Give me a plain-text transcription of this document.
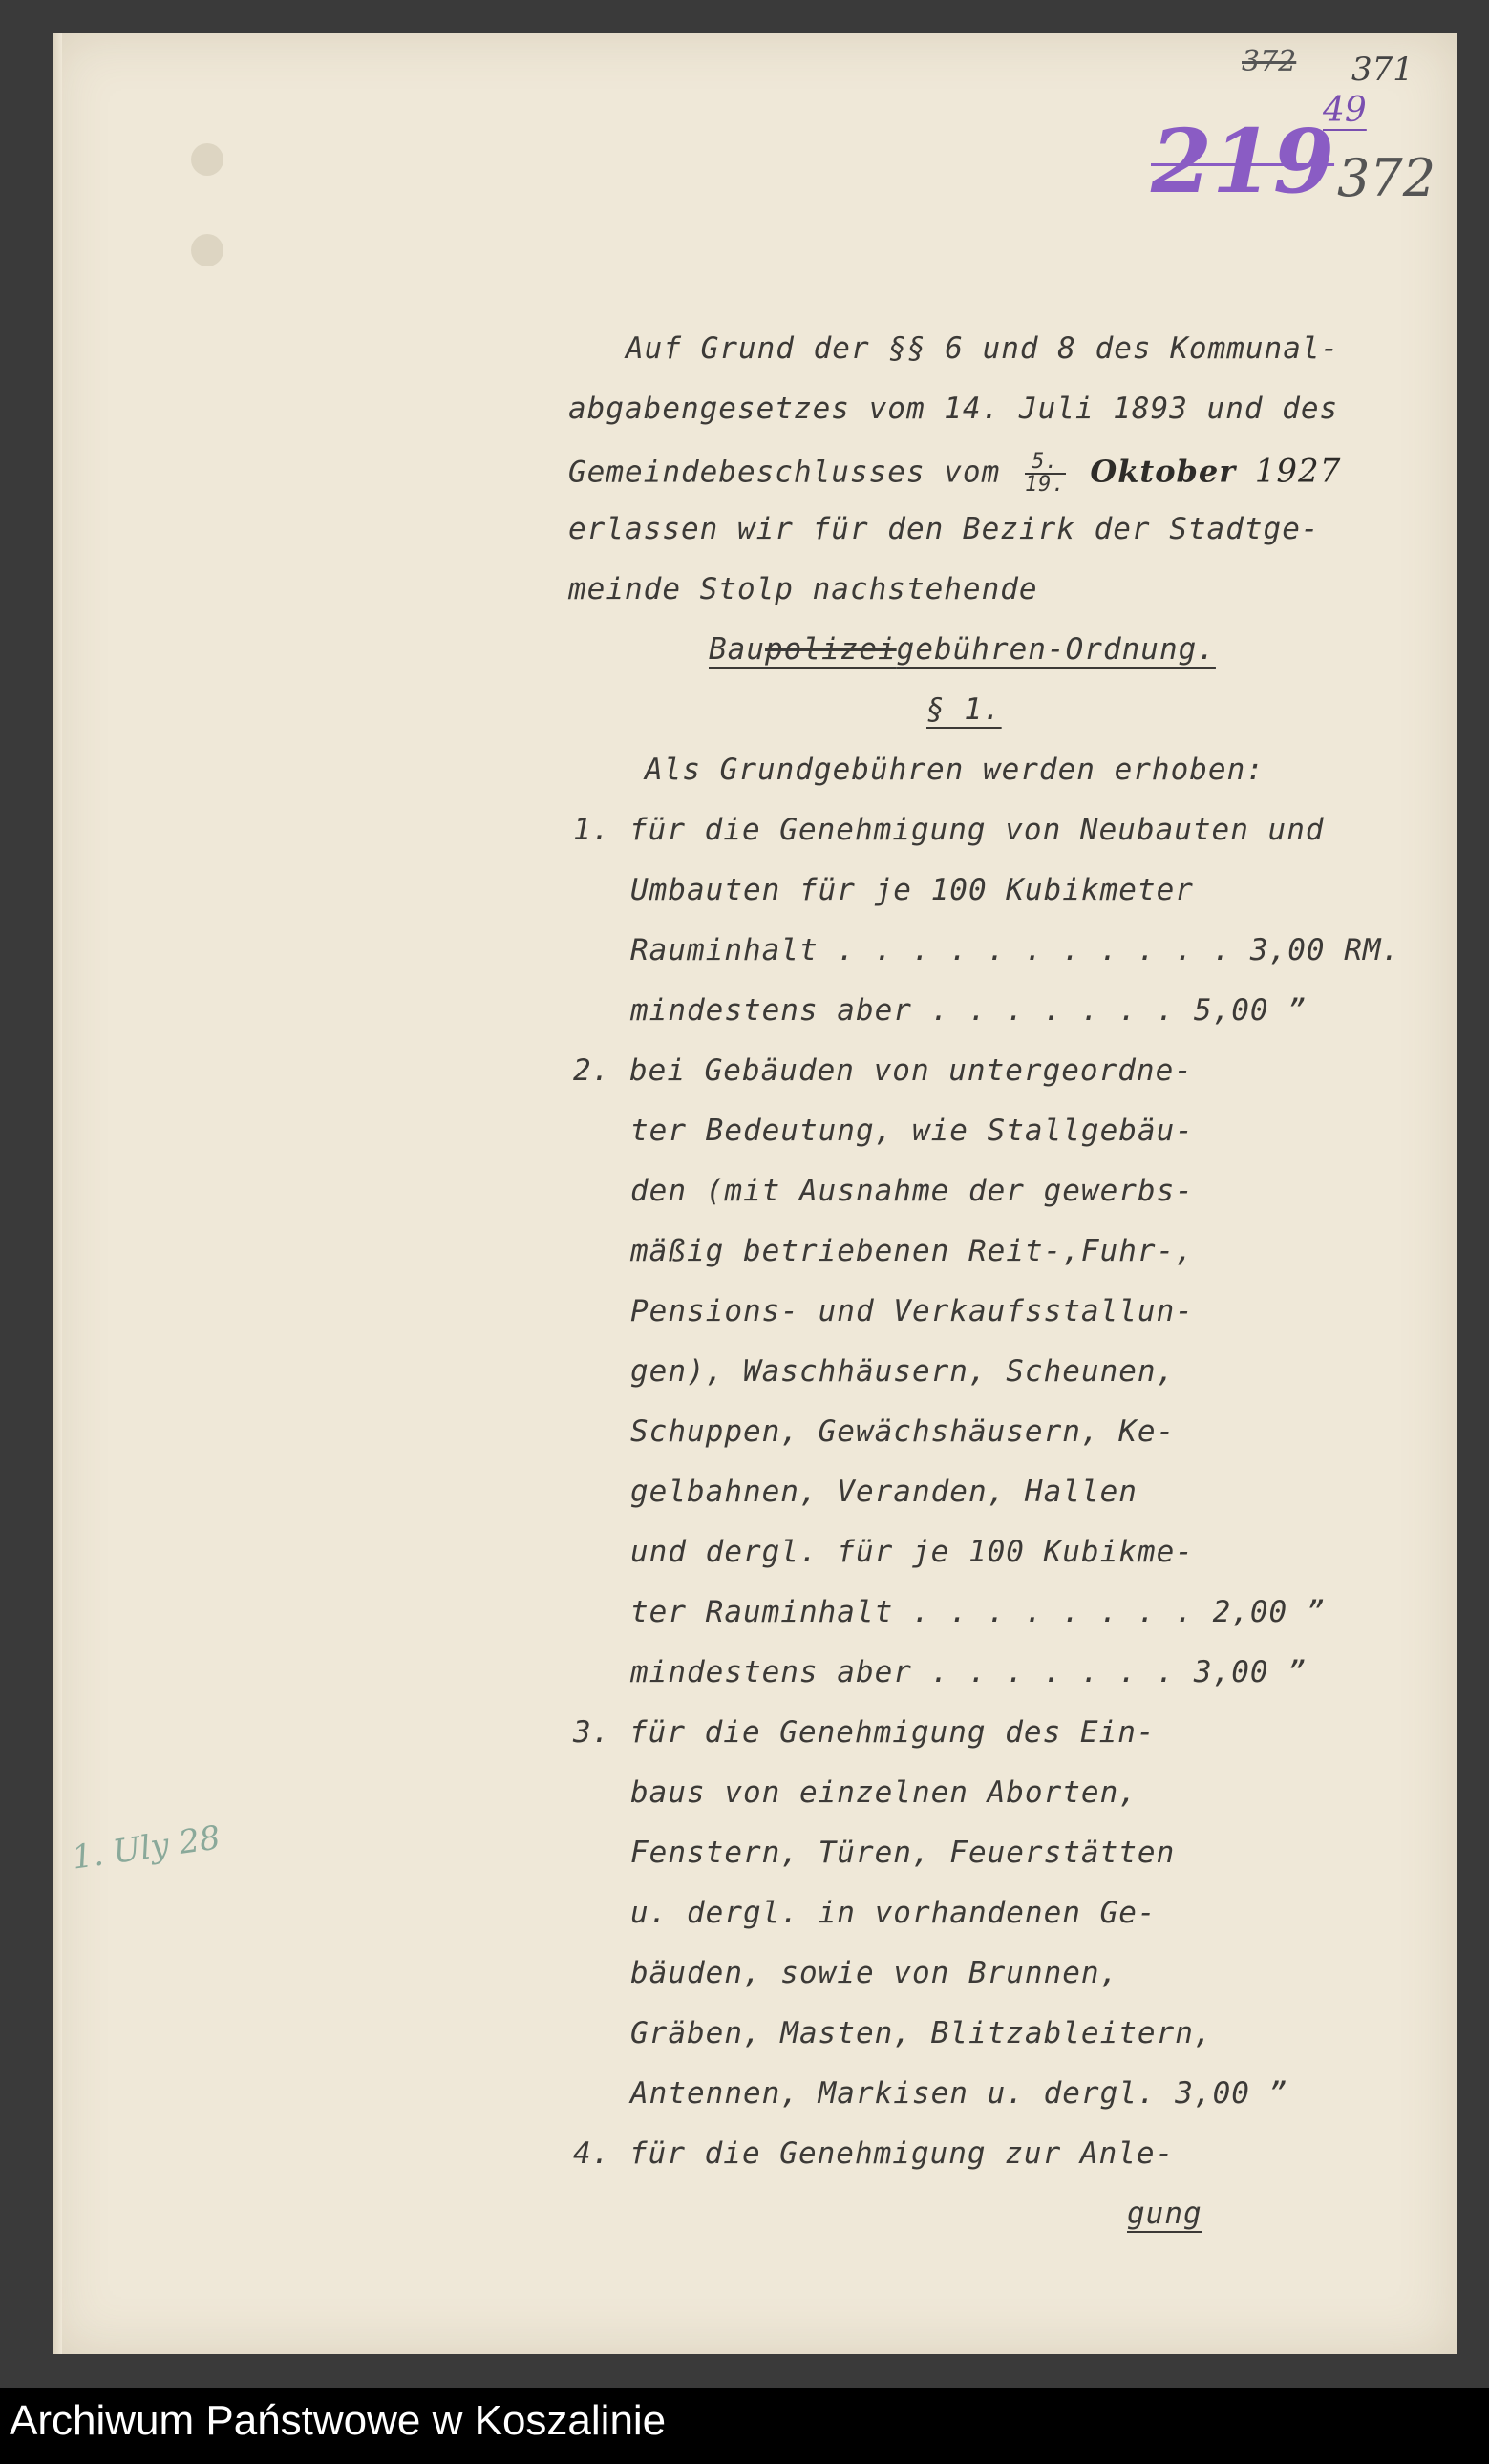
372 371
49
219 372
1. Uly 28
Auf Grund der §§ 6 und 8 des Kommunal-
abgabengesetzes vom 14. Juli 1893 und des
Gemeindebeschlusses vom $\frac{5.}{19.}$ Oktober 1927
erlassen wir für den Bezirk der Stadtge-
meinde Stolp nachstehende
Baupolizeigebühren-Ordnung.
§ 1.
Als Grundgebühren werden erhoben:
1. für die Genehmigung von Neubauten und
Umbauten für je 100 Kubikmeter
Rauminhalt . . . . . . . . . . . 3,00 RM.
mindestens aber . . . . . . . 5,00 ”
2. bei Gebäuden von untergeordne-
ter Bedeutung, wie Stallgebäu-
den (mit Ausnahme der gewerbs-
mäßig betriebenen Reit-,Fuhr-,
Pensions- und Verkaufsstallun-
gen), Waschhäusern, Scheunen,
Schuppen, Gewächshäusern, Ke-
gelbahnen, Veranden, Hallen
und dergl. für je 100 Kubikme-
ter Rauminhalt . . . . . . . . 2,00 ”
mindestens aber . . . . . . . 3,00 ”
3. für die Genehmigung des Ein-
baus von einzelnen Aborten,
Fenstern, Türen, Feuerstätten
u. dergl. in vorhandenen Ge-
bäuden, sowie von Brunnen,
Gräben, Masten, Blitzableitern,
Antennen, Markisen u. dergl. 3,00 ”
4. für die Genehmigung zur Anle-
gung
Archiwum Państwowe w Koszalinie
